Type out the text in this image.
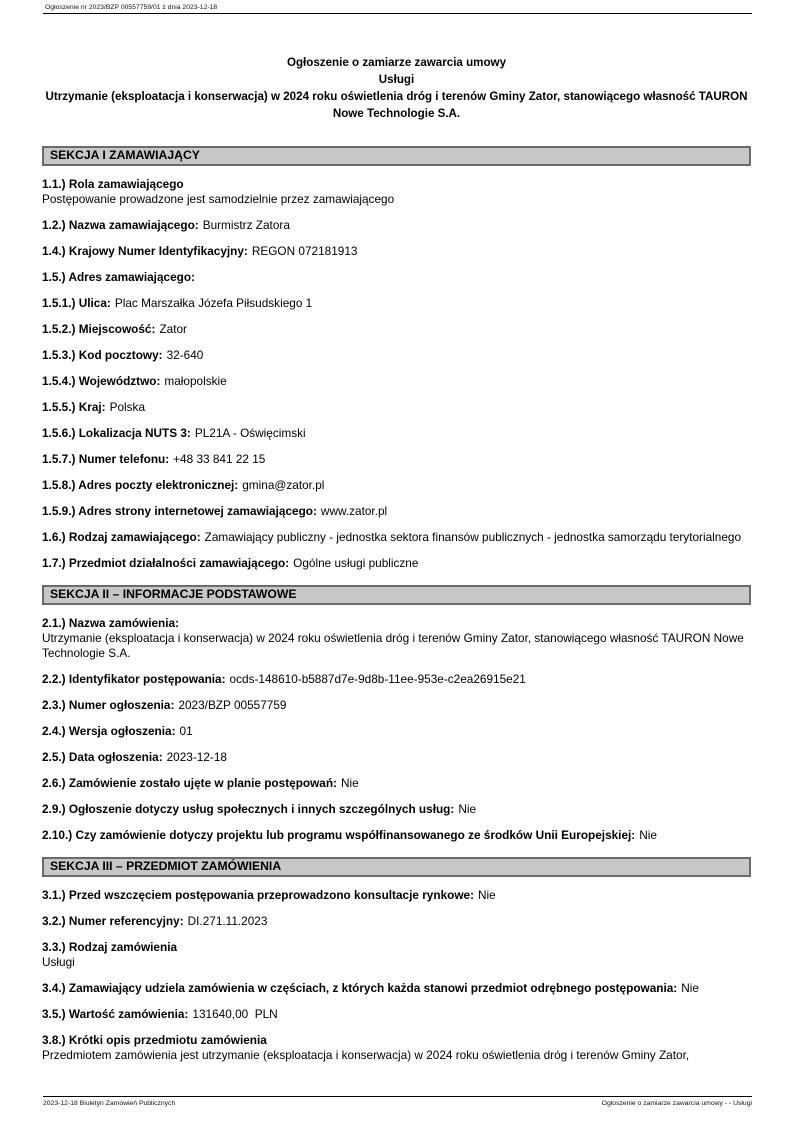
Ogłoszenie nr 2023/BZP 00557759/01 z dnia 2023-12-18

Ogłoszenie o zamiarze zawarcia umowy

Usługi

Utrzymanie (eksploatacja i konserwacja) w 2024 roku oświetlenia dróg i terenów Gminy Zator, stanowiącego własność TAURON Nowe Technologie S.A.

SEKCJA I ZAMAWIAJĄCY
1.1.) Rola zamawiającego
Postępowanie prowadzone jest samodzielnie przez zamawiającego
1.2.) Nazwa zamawiającego: Burmistrz Zatora
1.4.) Krajowy Numer Identyfikacyjny: REGON 072181913
1.5.) Adres zamawiającego:
1.5.1.) Ulica: Plac Marszałka Józefa Piłsudskiego 1
1.5.2.) Miejscowość: Zator
1.5.3.) Kod pocztowy: 32-640
1.5.4.) Województwo: małopolskie
1.5.5.) Kraj: Polska
1.5.6.) Lokalizacja NUTS 3: PL21A - Oświęcimski
1.5.7.) Numer telefonu: +48 33 841 22 15
1.5.8.) Adres poczty elektronicznej: gmina@zator.pl
1.5.9.) Adres strony internetowej zamawiającego: www.zator.pl
1.6.) Rodzaj zamawiającego: Zamawiający publiczny - jednostka sektora finansów publicznych - jednostka samorządu terytorialnego
1.7.) Przedmiot działalności zamawiającego: Ogólne usługi publiczne
SEKCJA II – INFORMACJE PODSTAWOWE
2.1.) Nazwa zamówienia:
Utrzymanie (eksploatacja i konserwacja) w 2024 roku oświetlenia dróg i terenów Gminy Zator, stanowiącego własność TAURON Nowe Technologie S.A.
2.2.) Identyfikator postępowania: ocds-148610-b5887d7e-9d8b-11ee-953e-c2ea26915e21
2.3.) Numer ogłoszenia: 2023/BZP 00557759
2.4.) Wersja ogłoszenia: 01
2.5.) Data ogłoszenia: 2023-12-18
2.6.) Zamówienie zostało ujęte w planie postępowań: Nie
2.9.) Ogłoszenie dotyczy usług społecznych i innych szczególnych usług: Nie
2.10.) Czy zamówienie dotyczy projektu lub programu współfinansowanego ze środków Unii Europejskiej: Nie
SEKCJA III – PRZEDMIOT ZAMÓWIENIA
3.1.) Przed wszczęciem postępowania przeprowadzono konsultacje rynkowe: Nie
3.2.) Numer referencyjny: DI.271.11.2023
3.3.) Rodzaj zamówienia
Usługi
3.4.) Zamawiający udziela zamówienia w częściach, z których każda stanowi przedmiot odrębnego postępowania: Nie
3.5.) Wartość zamówienia: 131640,00  PLN
3.8.) Krótki opis przedmiotu zamówienia
Przedmiotem zamówienia jest utrzymanie (eksploatacja i konserwacja) w 2024 roku oświetlenia dróg i terenów Gminy Zator,
2023-12-18 Biuletyn Zamówień Publicznych	Ogłoszenie o zamiarze zawarcia umowy - - Usługi
